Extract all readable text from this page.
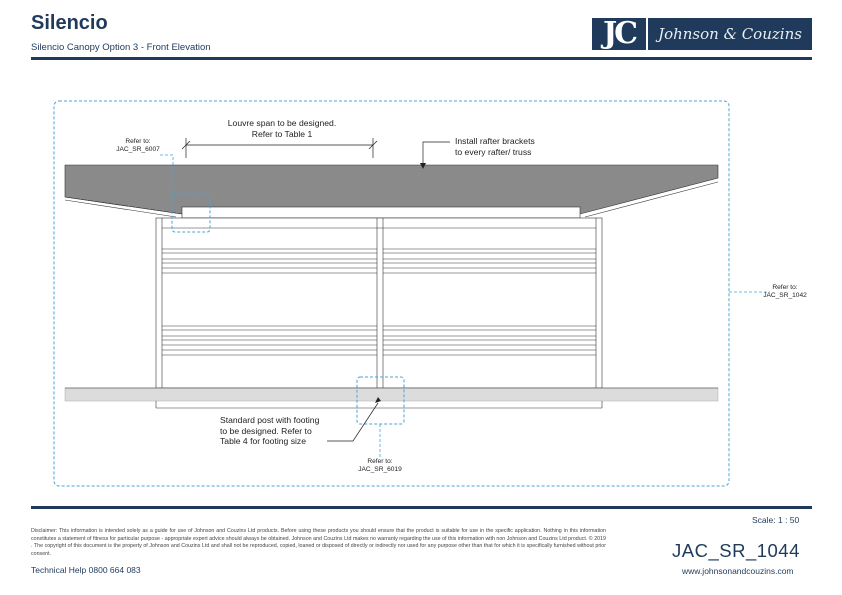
Silencio
Silencio Canopy Option 3 - Front Elevation	JC	Johnson & Couzins
Refer to:
JAC_SR_6007
Louvre span to be designed.
Refer to Table 1
Install rafter brackets
to every rafter/ truss
Refer to:
JAC_SR_1042
Standard post with footing
to be designed. Refer to
Table 4 for footing size
Refer to:
JAC_SR_6019
Scale: 1 : 50
Disclaimer: This information is intended solely as a guide for use of Johnson and Couzins Ltd products. Before using these products you should ensure that the product is suitable for use in the specific application. Nothing in this information constitutes a statement of fitness for particular purpose - appropriate expert advice should always be obtained. Johnson and Couzins Ltd makes no warranty regarding the use of this information with non Johnson and Couzins Ltd product. © 2019 . The copyright of this document is the property of Johnson and Couzins Ltd and shall not be reproduced, copied, loaned or disposed of directly or indirectly nor used for any purpose other than that for which it is specifically furnished without prior consent.
Technical Help 0800 664 083
JAC_SR_1044
www.johnsonandcouzins.com
